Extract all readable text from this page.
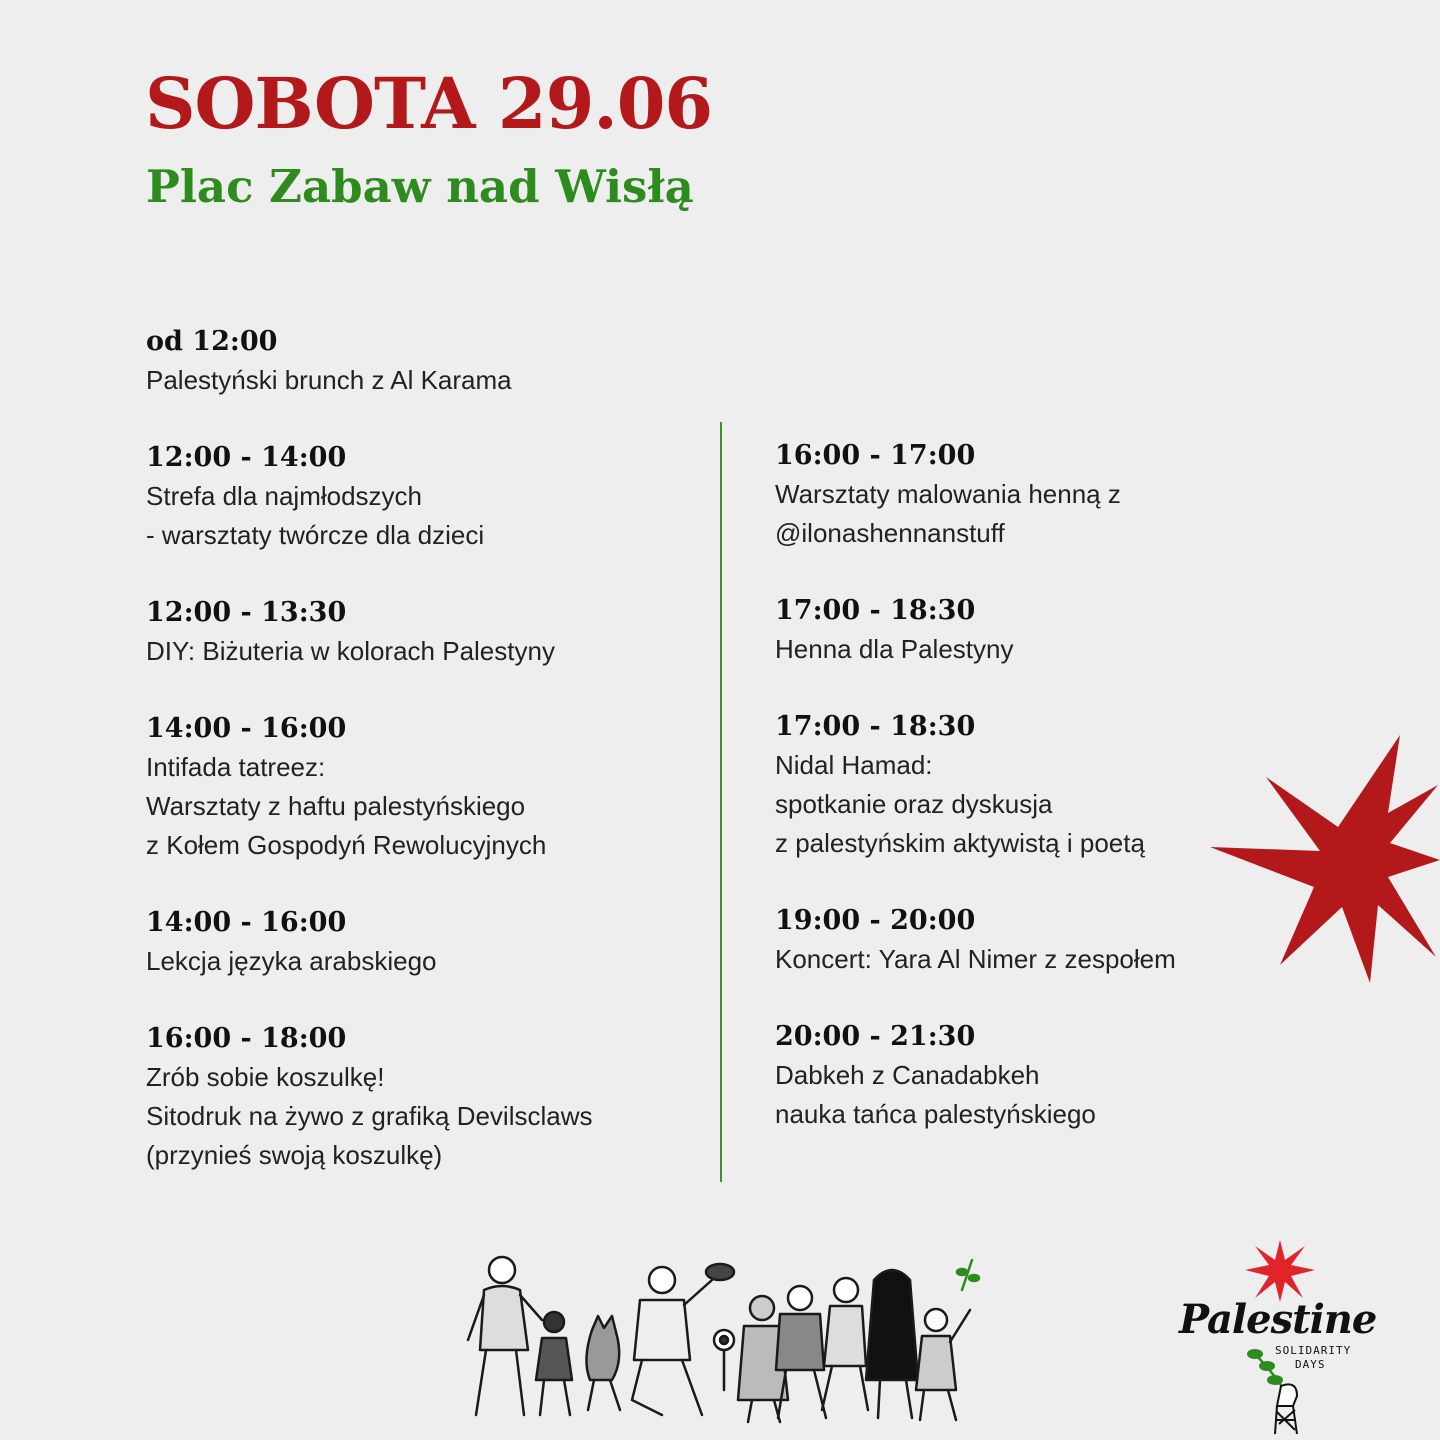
SOBOTA 29.06
Plac Zabaw nad Wisłą
od 12:00
Palestyński brunch z Al Karama
12:00 - 14:00
Strefa dla najmłodszych
- warsztaty twórcze dla dzieci
12:00 - 13:30
DIY: Biżuteria w kolorach Palestyny
14:00 - 16:00
Intifada tatreez:
Warsztaty z haftu palestyńskiego
z Kołem Gospodyń Rewolucyjnych
14:00 - 16:00
Lekcja języka arabskiego
16:00 - 18:00
Zrób sobie koszulkę!
Sitodruk na żywo z grafiką Devilsclaws
(przynieś swoją koszulkę)
16:00 - 17:00
Warsztaty malowania henną z
@ilonashennanstuff
17:00 - 18:30
Henna dla Palestyny
17:00 - 18:30
Nidal Hamad:
spotkanie oraz dyskusja
z palestyńskim aktywistą i poetą
19:00 - 20:00
Koncert: Yara Al Nimer z zespołem
20:00 - 21:30
Dabkeh z Canadabkeh
nauka tańca palestyńskiego
Palestine
SOLIDARITY
DAYS
